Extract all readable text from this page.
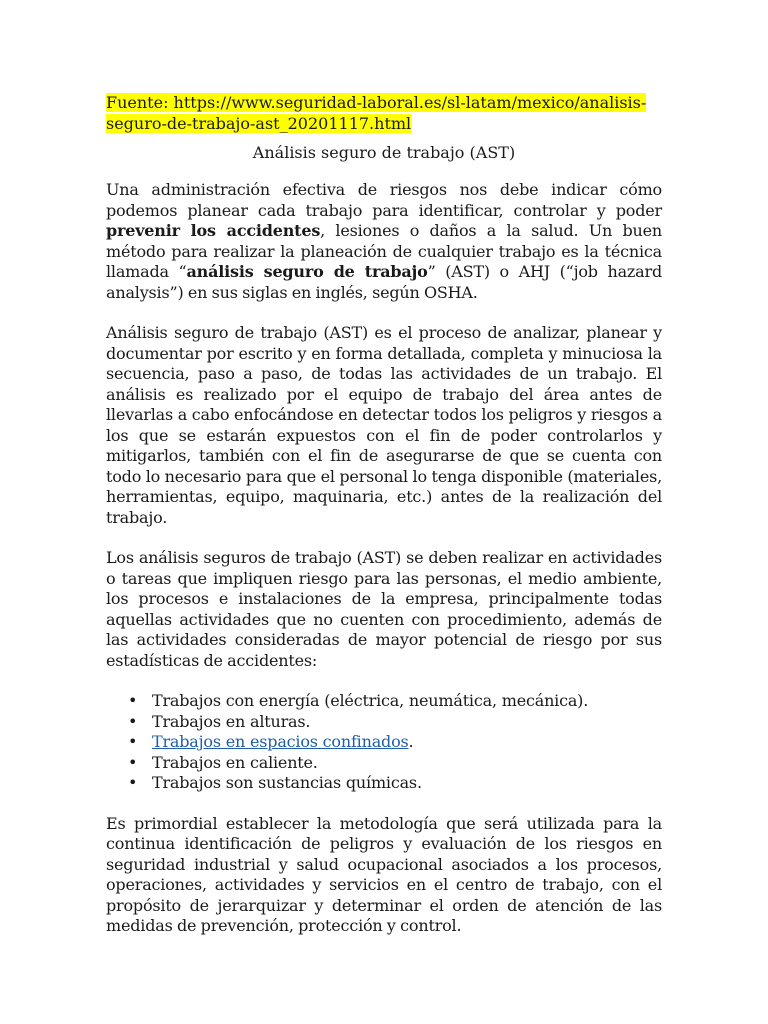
Fuente: https://www.seguridad-laboral.es/sl-latam/mexico/analisis-
seguro-de-trabajo-ast_20201117.html
Análisis seguro de trabajo (AST)

Una administración efectiva de riesgos nos debe indicar cómo podemos planear cada trabajo para identificar, controlar y poder prevenir los accidentes, lesiones o daños a la salud. Un buen método para realizar la planeación de cualquier trabajo es la técnica llamada “análisis seguro de trabajo” (AST) o AHJ (“job hazard analysis”) en sus siglas en inglés, según OSHA.

Análisis seguro de trabajo (AST) es el proceso de analizar, planear y documentar por escrito y en forma detallada, completa y minuciosa la secuencia, paso a paso, de todas las actividades de un trabajo. El análisis es realizado por el equipo de trabajo del área antes de llevarlas a cabo enfocándose en detectar todos los peligros y riesgos a los que se estarán expuestos con el fin de poder controlarlos y mitigarlos, también con el fin de asegurarse de que se cuenta con todo lo necesario para que el personal lo tenga disponible (materiales, herramientas, equipo, maquinaria, etc.) antes de la realización del trabajo.

Los análisis seguros de trabajo (AST) se deben realizar en actividades o tareas que impliquen riesgo para las personas, el medio ambiente, los procesos e instalaciones de la empresa, principalmente todas aquellas actividades que no cuenten con procedimiento, además de las actividades consideradas de mayor potencial de riesgo por sus estadísticas de accidentes:

• Trabajos con energía (eléctrica, neumática, mecánica).
• Trabajos en alturas.
• Trabajos en espacios confinados.
• Trabajos en caliente.
• Trabajos son sustancias químicas.

Es primordial establecer la metodología que será utilizada para la continua identificación de peligros y evaluación de los riesgos en seguridad industrial y salud ocupacional asociados a los procesos, operaciones, actividades y servicios en el centro de trabajo, con el propósito de jerarquizar y determinar el orden de atención de las medidas de prevención, protección y control.
